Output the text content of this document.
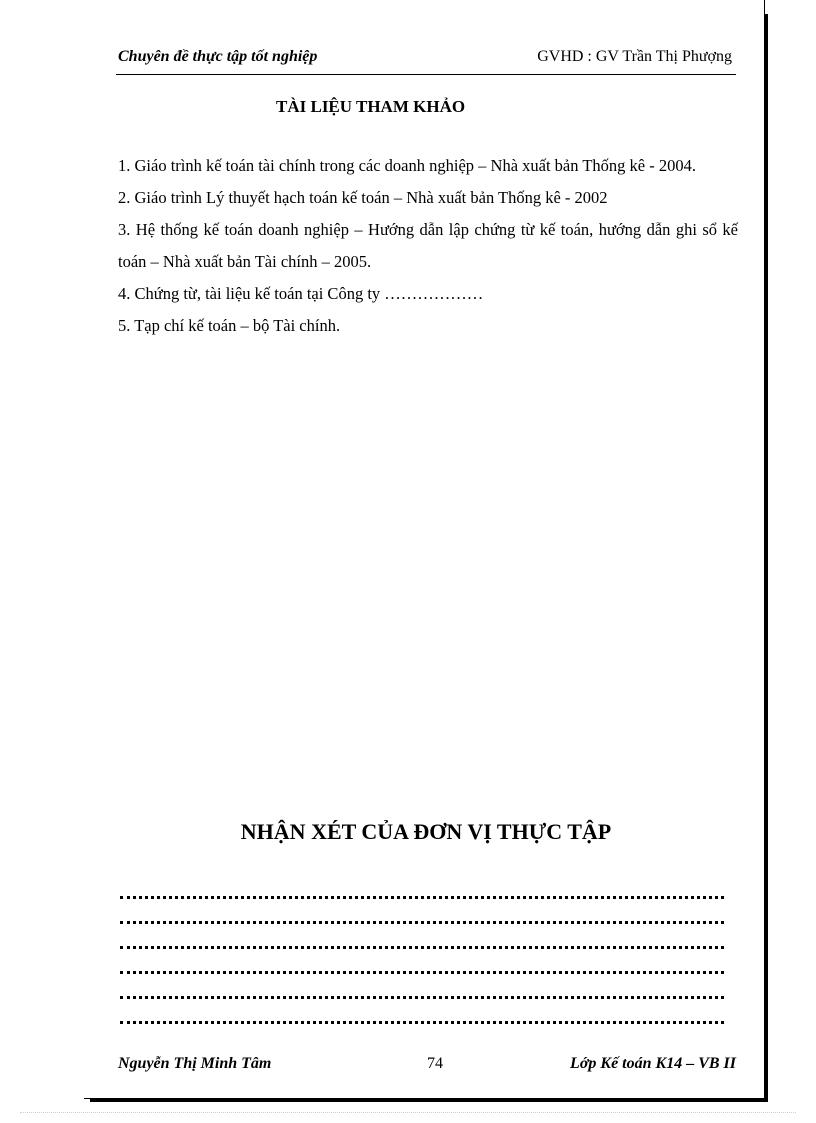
Chuyên đề thực tập tốt nghiệp	GVHD : GV Trần Thị Phượng
TÀI LIỆU THAM KHẢO

1. Giáo trình kế toán tài chính trong các doanh nghiệp – Nhà xuất bản Thống kê - 2004.

2. Giáo trình Lý thuyết hạch toán kế toán – Nhà xuất bản Thống kê - 2002

3. Hệ thống kế toán doanh nghiệp – Hướng dẫn lập chứng từ kế toán, hướng dẫn ghi sổ kế toán – Nhà xuất bản Tài chính – 2005.

4. Chứng từ, tài liệu kế toán tại Công ty ………………

5. Tạp chí kế toán – bộ Tài chính.

NHẬN XÉT CỦA ĐƠN VỊ THỰC TẬP
Nguyễn Thị Minh Tâm	74	Lớp Kế toán K14 – VB II
